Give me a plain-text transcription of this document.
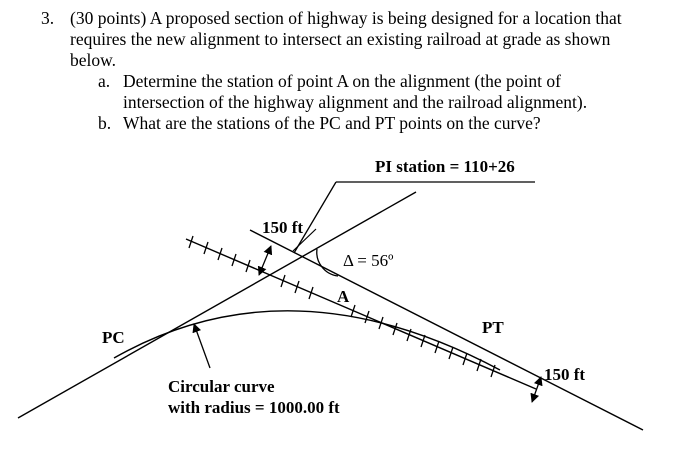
3. (30 points) A proposed section of highway is being designed for a location that
requires the new alignment to intersect an existing railroad at grade as shown
below.
a. Determine the station of point A on the alignment (the point of
intersection of the highway alignment and the railroad alignment).
b. What are the stations of the PC and PT points on the curve?
PI station = 110+26
150 ft
Δ = 56º
A
PC
PT
150 ft
Circular curve
with radius = 1000.00 ft
